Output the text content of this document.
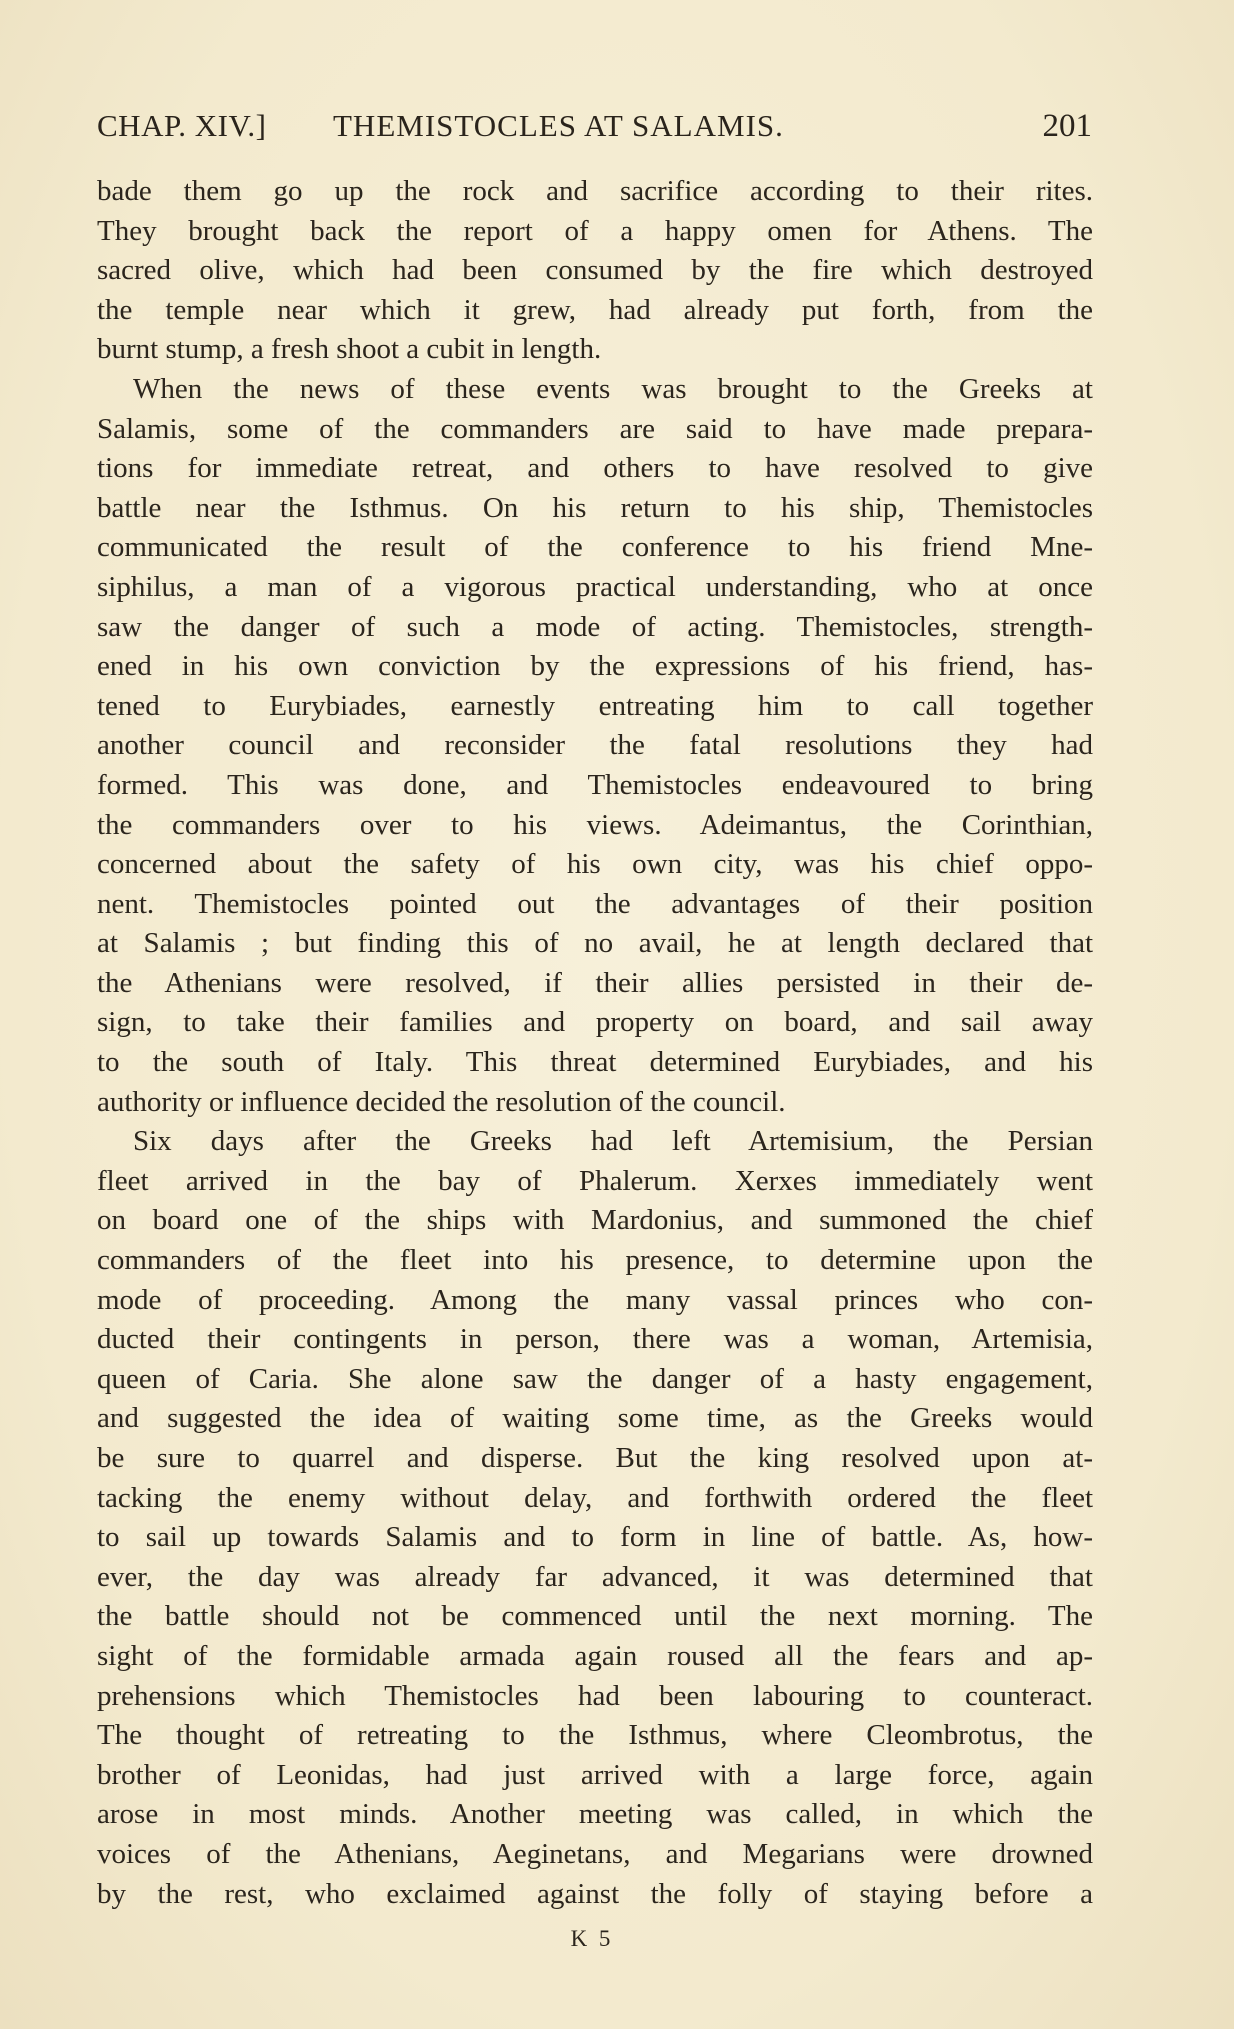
CHAP. XIV.] THEMISTOCLES AT SALAMIS.	201
bade them go up the rock and sacrifice according to their rites.
They brought back the report of a happy omen for Athens. The
sacred olive, which had been consumed by the fire which destroyed
the temple near which it grew, had already put forth, from the
burnt stump, a fresh shoot a cubit in length.
When the news of these events was brought to the Greeks at
Salamis, some of the commanders are said to have made prepara-
tions for immediate retreat, and others to have resolved to give
battle near the Isthmus. On his return to his ship, Themistocles
communicated the result of the conference to his friend Mne-
siphilus, a man of a vigorous practical understanding, who at once
saw the danger of such a mode of acting. Themistocles, strength-
ened in his own conviction by the expressions of his friend, has-
tened to Eurybiades, earnestly entreating him to call together
another council and reconsider the fatal resolutions they had
formed. This was done, and Themistocles endeavoured to bring
the commanders over to his views. Adeimantus, the Corinthian,
concerned about the safety of his own city, was his chief oppo-
nent. Themistocles pointed out the advantages of their position
at Salamis ; but finding this of no avail, he at length declared that
the Athenians were resolved, if their allies persisted in their de-
sign, to take their families and property on board, and sail away
to the south of Italy. This threat determined Eurybiades, and his
authority or influence decided the resolution of the council.
Six days after the Greeks had left Artemisium, the Persian
fleet arrived in the bay of Phalerum. Xerxes immediately went
on board one of the ships with Mardonius, and summoned the chief
commanders of the fleet into his presence, to determine upon the
mode of proceeding. Among the many vassal princes who con-
ducted their contingents in person, there was a woman, Artemisia,
queen of Caria. She alone saw the danger of a hasty engagement,
and suggested the idea of waiting some time, as the Greeks would
be sure to quarrel and disperse. But the king resolved upon at-
tacking the enemy without delay, and forthwith ordered the fleet
to sail up towards Salamis and to form in line of battle. As, how-
ever, the day was already far advanced, it was determined that
the battle should not be commenced until the next morning. The
sight of the formidable armada again roused all the fears and ap-
prehensions which Themistocles had been labouring to counteract.
The thought of retreating to the Isthmus, where Cleombrotus, the
brother of Leonidas, had just arrived with a large force, again
arose in most minds. Another meeting was called, in which the
voices of the Athenians, Aeginetans, and Megarians were drowned
by the rest, who exclaimed against the folly of staying before a
K 5
